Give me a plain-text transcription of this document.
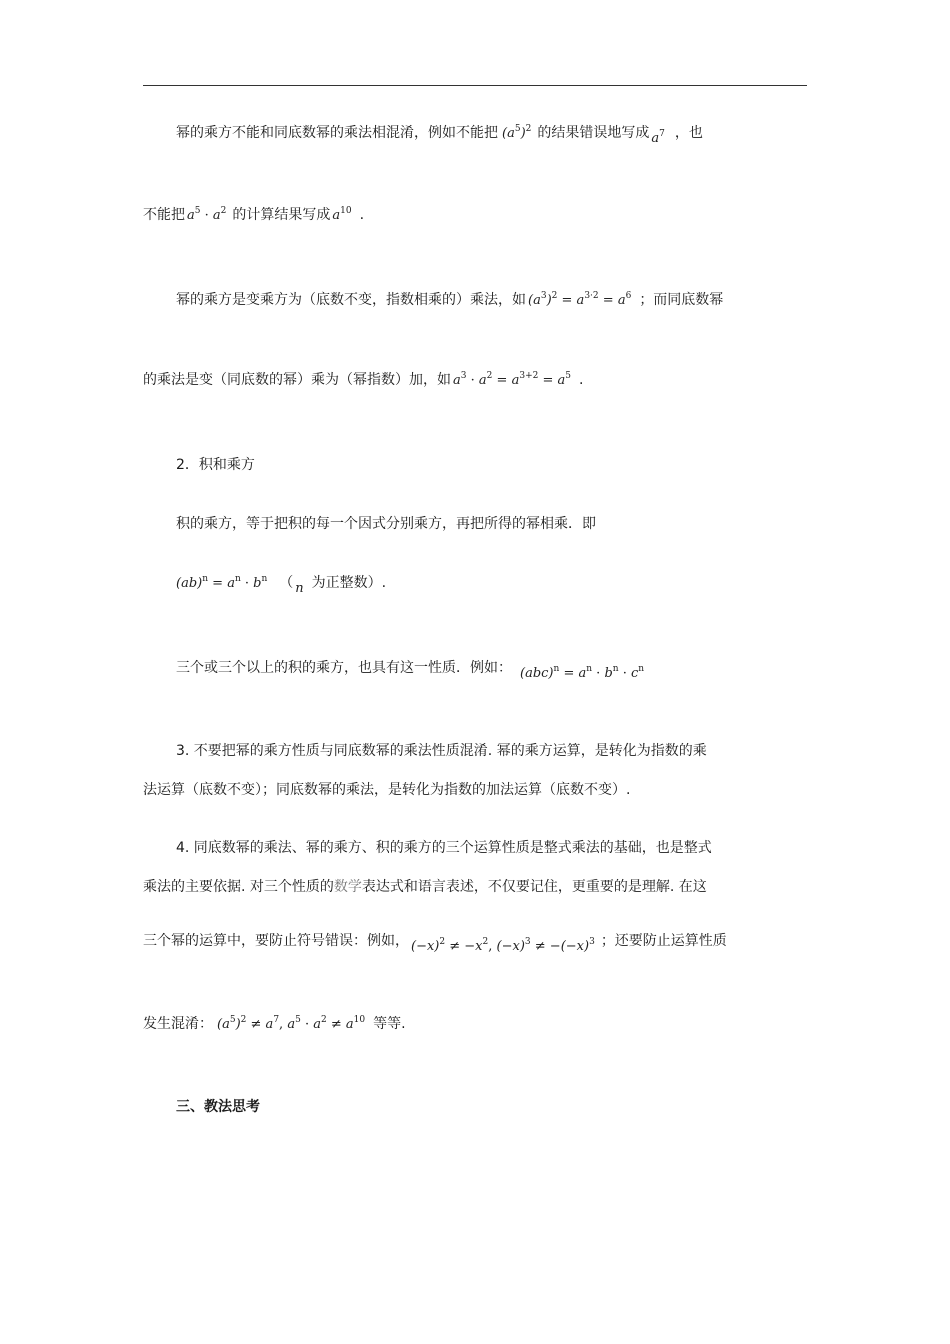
幂的乘方不能和同底数幂的乘法相混淆，例如不能把 $(a^5)^2$ 的结果错误地写成 $a^7$ ，也
不能把 $a^5 \cdot a^2$ 的计算结果写成 $a^{10}$ .
幂的乘方是变乘方为（底数不变，指数相乘的）乘法，如 $(a^3)^2 = a^{3\cdot 2} = a^6$ ；而同底数幂
的乘法是变（同底数的幂）乘为（幂指数）加，如 $a^3 \cdot a^2 = a^{3+2} = a^5$ .
2．积和乘方
积的乘方，等于把积的每一个因式分别乘方，再把所得的幂相乘．即
$(ab)^n = a^n \cdot b^n$ （ n 为正整数）.
三个或三个以上的积的乘方，也具有这一性质．例如： $(abc)^n = a^n \cdot b^n \cdot c^n$
3. 不要把幂的乘方性质与同底数幂的乘法性质混淆. 幂的乘方运算，是转化为指数的乘
法运算（底数不变）；同底数幂的乘法，是转化为指数的加法运算（底数不变）.
4. 同底数幂的乘法、幂的乘方、积的乘方的三个运算性质是整式乘法的基础，也是整式
乘法的主要依据. 对三个性质的数学表达式和语言表述，不仅要记住，更重要的是理解. 在这
三个幂的运算中，要防止符号错误：例如， $(-x)^2 \ne -x^2$, $(-x)^3 \ne -(-x)^3$ ；还要防止运算性质
发生混淆： $(a^5)^2 \ne a^7$, $a^5 \cdot a^2 \ne a^{10}$ 等等.
三、教法思考
